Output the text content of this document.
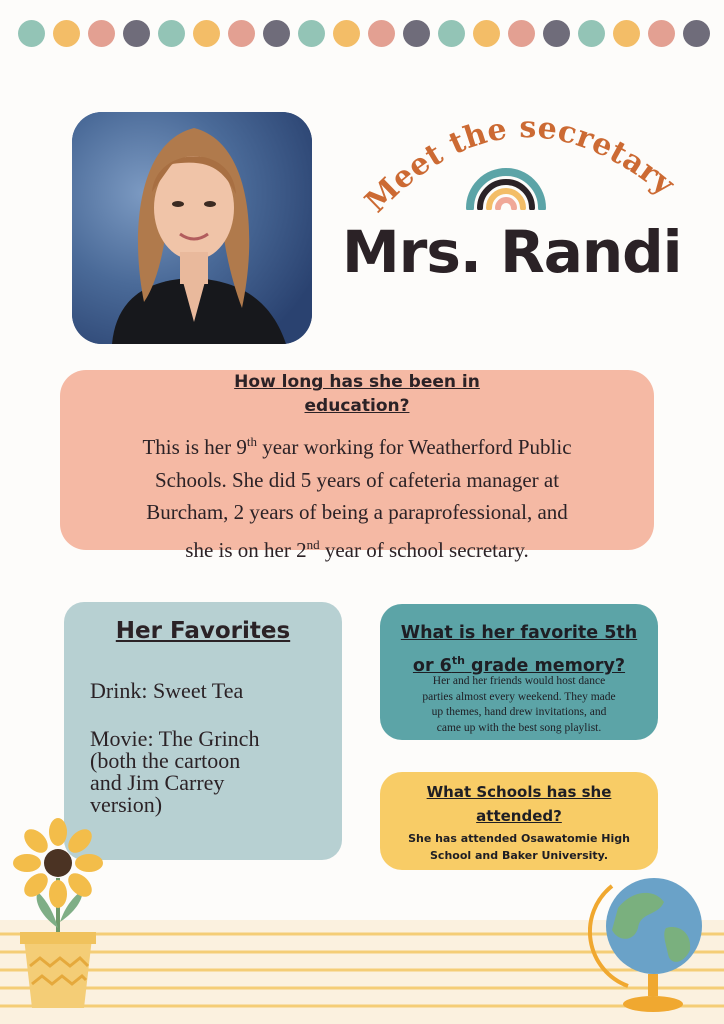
Meet the secretary
Mrs. Randi
How long has she been in
education?
This is her 9th year working for Weatherford Public
Schools. She did 5 years of cafeteria manager at
Burcham, 2 years of being a paraprofessional, and
she is on her 2nd year of school secretary.
Her Favorites
Drink: Sweet Tea
Movie: The Grinch
(both the cartoon
and Jim Carrey
version)
What is her favorite 5th
or 6th grade memory?
Her and her friends would host dance
parties almost every weekend. They made
up themes, hand drew invitations, and
came up with the best song playlist.
What Schools has she
attended?
She has attended Osawatomie High
School and Baker University.
